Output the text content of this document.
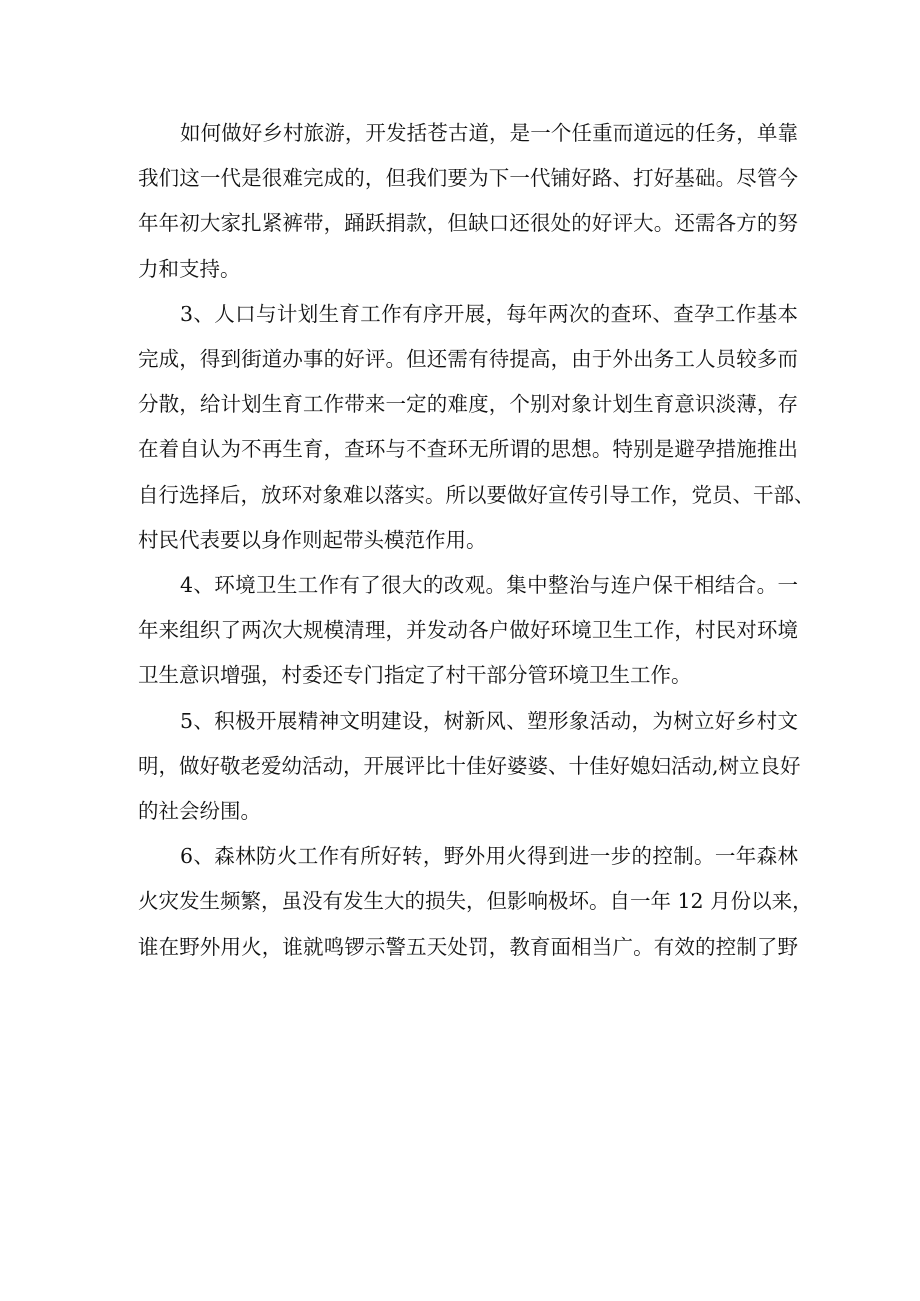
如何做好乡村旅游，开发括苍古道，是一个任重而道远的任务，单靠
我们这一代是很难完成的，但我们要为下一代铺好路、打好基础。尽管今
年年初大家扎紧裤带，踊跃捐款，但缺口还很处的好评大。还需各方的努
力和支持。
3、人口与计划生育工作有序开展，每年两次的查环、查孕工作基本
完成，得到街道办事的好评。但还需有待提高，由于外出务工人员较多而
分散，给计划生育工作带来一定的难度，个别对象计划生育意识淡薄，存
在着自认为不再生育，查环与不查环无所谓的思想。特别是避孕措施推出
自行选择后，放环对象难以落实。所以要做好宣传引导工作，党员、干部、
村民代表要以身作则起带头模范作用。
4、环境卫生工作有了很大的改观。集中整治与连户保干相结合。一
年来组织了两次大规模清理，并发动各户做好环境卫生工作，村民对环境
卫生意识增强，村委还专门指定了村干部分管环境卫生工作。
5、积极开展精神文明建设，树新风、塑形象活动，为树立好乡村文
明，做好敬老爱幼活动，开展评比十佳好婆婆、十佳好媳妇活动,树立良好
的社会纷围。
6、森林防火工作有所好转，野外用火得到进一步的控制。一年森林
火灾发生频繁，虽没有发生大的损失，但影响极坏。自一年 12 月份以来，
谁在野外用火，谁就鸣锣示警五天处罚，教育面相当广。有效的控制了野
